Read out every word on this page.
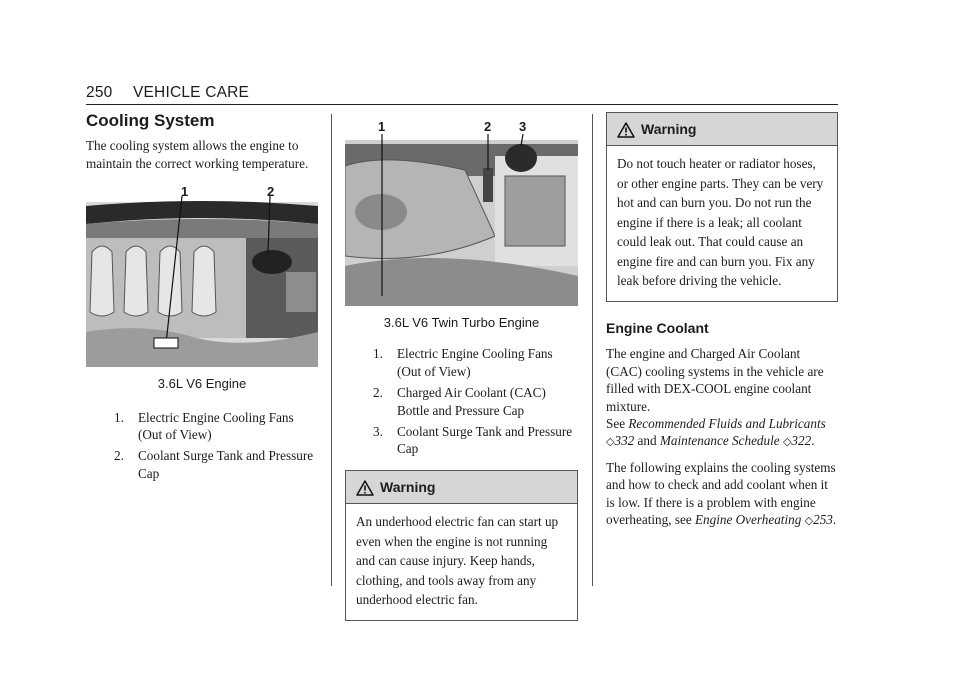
250 VEHICLE CARE
Cooling System

The cooling system allows the engine to maintain the correct working temperature.

1	2
3.6L V6 Engine
1. Electric Engine Cooling Fans (Out of View)
2. Coolant Surge Tank and Pressure Cap
1	2 3
3.6L V6 Twin Turbo Engine
1. Electric Engine Cooling Fans (Out of View)
2. Charged Air Coolant (CAC) Bottle and Pressure Cap
3. Coolant Surge Tank and Pressure Cap
Warning
An underhood electric fan can start up even when the engine is not running and can cause injury. Keep hands, clothing, and tools away from any underhood electric fan.
Warning
Do not touch heater or radiator hoses, or other engine parts. They can be very hot and can burn you. Do not run the engine if there is a leak; all coolant could leak out. That could cause an engine fire and can burn you. Fix any leak before driving the vehicle.
Engine Coolant

The engine and Charged Air Coolant (CAC) cooling systems in the vehicle are filled with DEX-COOL engine coolant mixture.
See Recommended Fluids and Lubricants ◇332 and Maintenance Schedule ◇322.

The following explains the cooling systems and how to check and add coolant when it is low. If there is a problem with engine overheating, see Engine Overheating ◇253.
